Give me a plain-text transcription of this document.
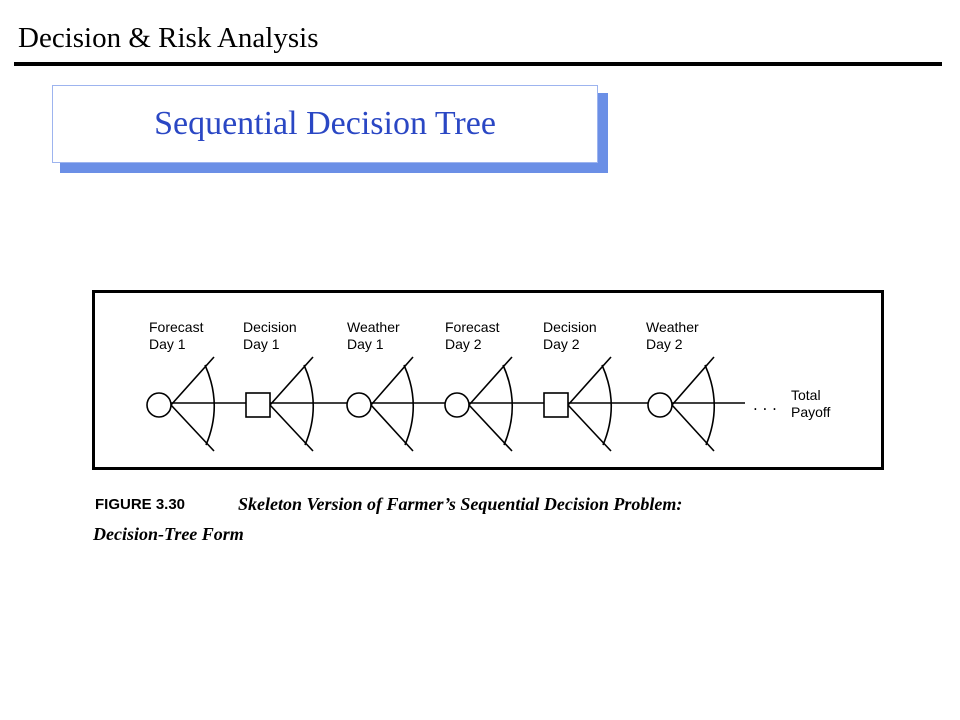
Decision & Risk Analysis
Sequential Decision Tree
Forecast
Day 1
Decision
Day 1
Weather
Day 1
Forecast
Day 2
Decision
Day 2
Weather
Day 2
. . .
Total
Payoff
FIGURE 3.30	Skeleton Version of Farmer’s Sequential Decision Problem:
Decision-Tree Form
